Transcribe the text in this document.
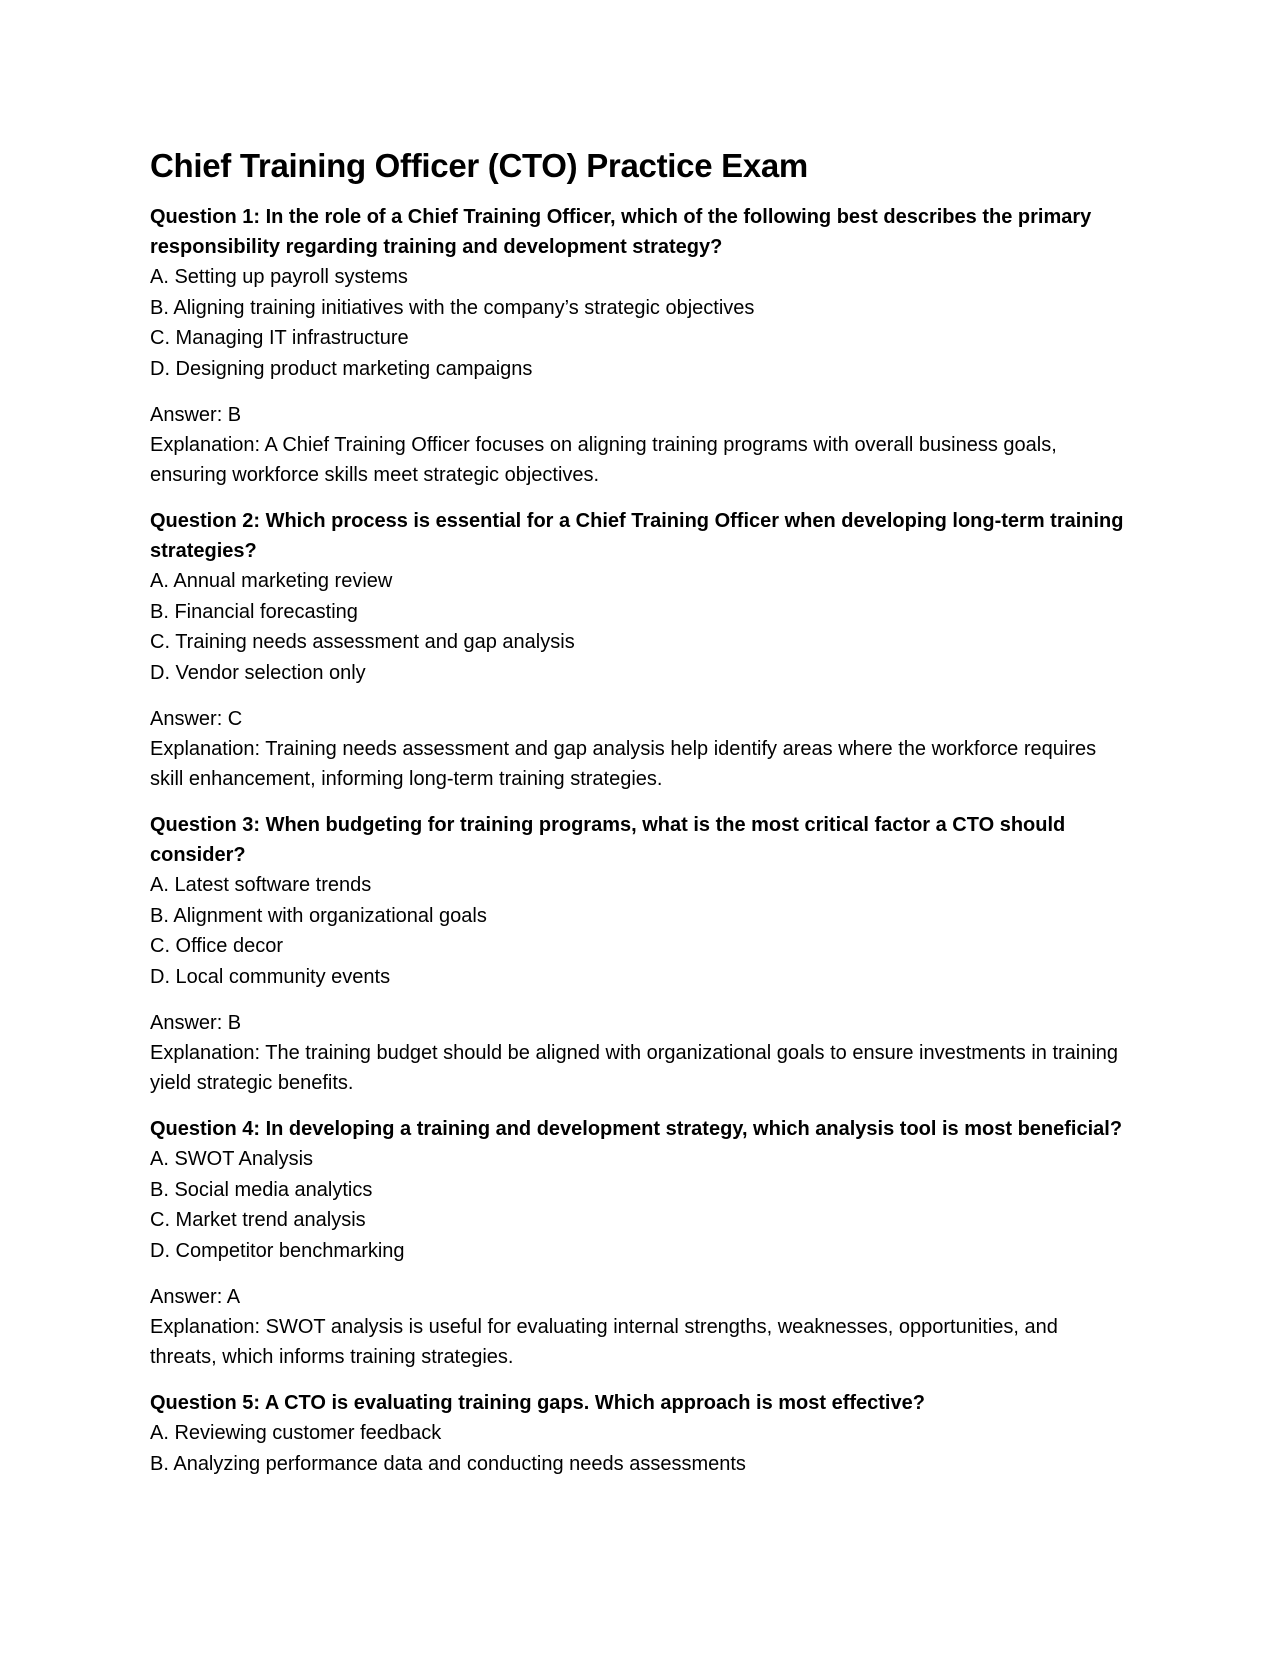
Chief Training Officer (CTO) Practice Exam

Question 1: In the role of a Chief Training Officer, which of the following best describes the primary responsibility regarding training and development strategy?

A. Setting up payroll systems

B. Aligning training initiatives with the company’s strategic objectives

C. Managing IT infrastructure

D. Designing product marketing campaigns

Answer: B

Explanation: A Chief Training Officer focuses on aligning training programs with overall business goals, ensuring workforce skills meet strategic objectives.

Question 2: Which process is essential for a Chief Training Officer when developing long-term training strategies?

A. Annual marketing review

B. Financial forecasting

C. Training needs assessment and gap analysis

D. Vendor selection only

Answer: C

Explanation: Training needs assessment and gap analysis help identify areas where the workforce requires skill enhancement, informing long-term training strategies.

Question 3: When budgeting for training programs, what is the most critical factor a CTO should consider?

A. Latest software trends

B. Alignment with organizational goals

C. Office decor

D. Local community events

Answer: B

Explanation: The training budget should be aligned with organizational goals to ensure investments in training yield strategic benefits.

Question 4: In developing a training and development strategy, which analysis tool is most beneficial?

A. SWOT Analysis

B. Social media analytics

C. Market trend analysis

D. Competitor benchmarking

Answer: A

Explanation: SWOT analysis is useful for evaluating internal strengths, weaknesses, opportunities, and threats, which informs training strategies.

Question 5: A CTO is evaluating training gaps. Which approach is most effective?

A. Reviewing customer feedback

B. Analyzing performance data and conducting needs assessments
